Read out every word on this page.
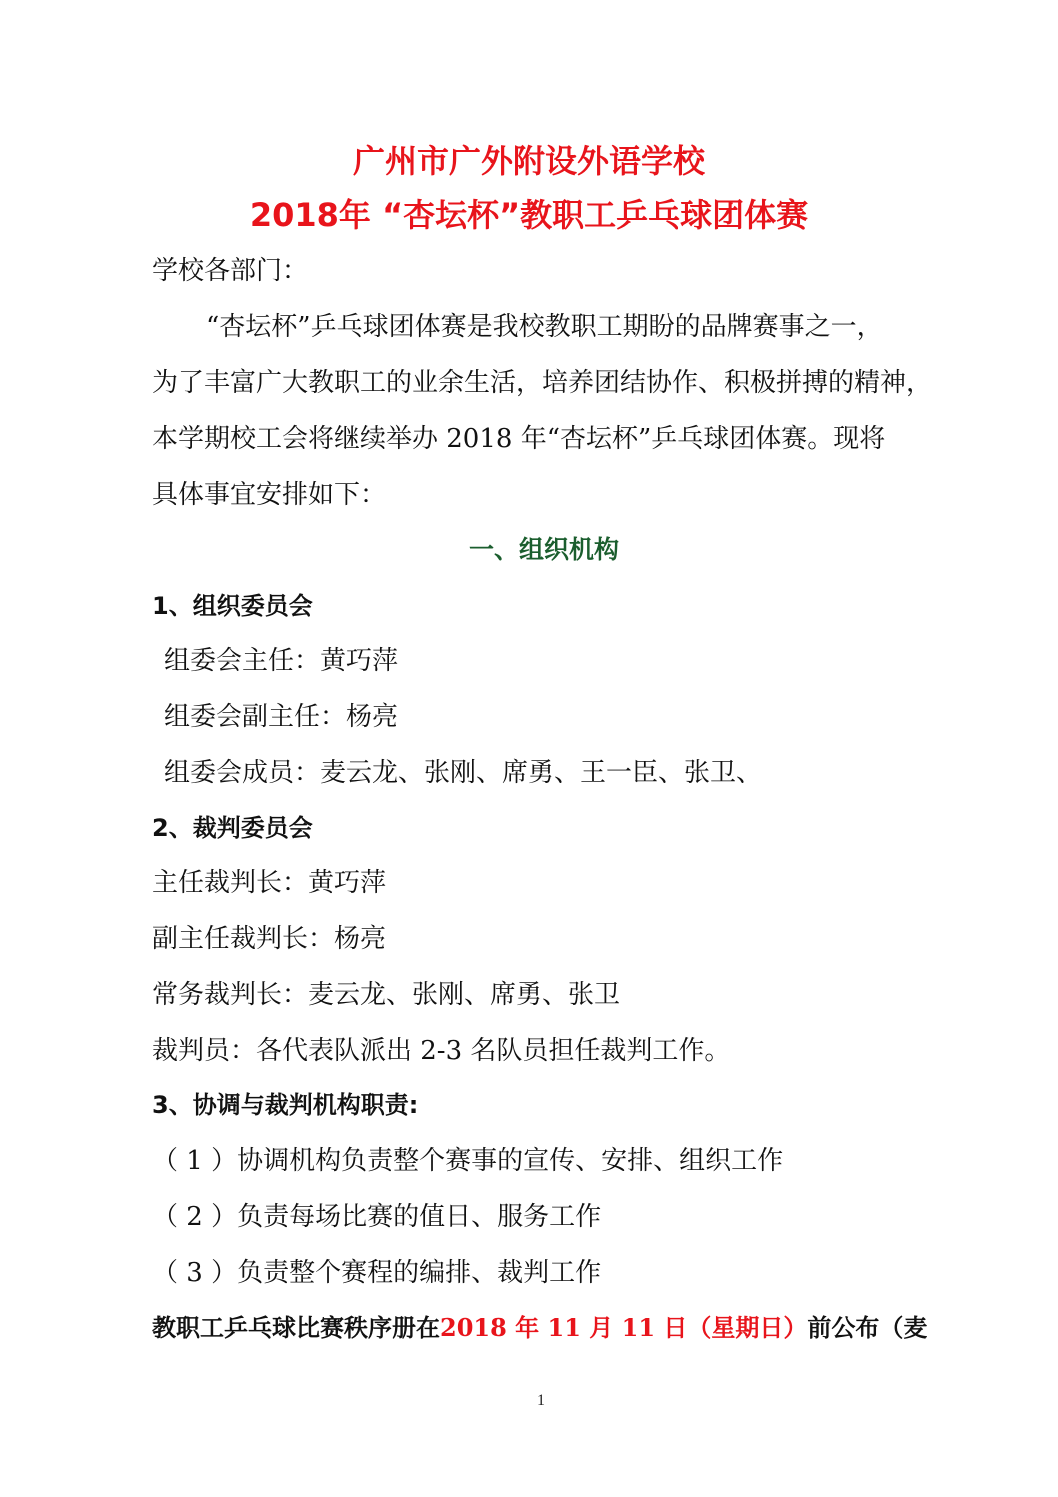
广州市广外附设外语学校
2018年 “杏坛杯”教职工乒乓球团体赛
学校各部门：
“杏坛杯”乒乓球团体赛是我校教职工期盼的品牌赛事之一，
为了丰富广大教职工的业余生活，培养团结协作、积极拼搏的精神，
本学期校工会将继续举办 2018 年“杏坛杯”乒乓球团体赛。现将
具体事宜安排如下：
一、组织机构
1、组织委员会
组委会主任：黄巧萍
组委会副主任：杨亮
组委会成员：麦云龙、张刚、席勇、王一臣、张卫、
2、裁判委员会
主任裁判长：黄巧萍
副主任裁判长：杨亮
常务裁判长：麦云龙、张刚、席勇、张卫
裁判员：各代表队派出 2-3 名队员担任裁判工作。
3、协调与裁判机构职责:
（ 1 ）协调机构负责整个赛事的宣传、安排、组织工作
（ 2 ）负责每场比赛的值日、服务工作
（ 3 ）负责整个赛程的编排、裁判工作
教职工乒乓球比赛秩序册在2018 年 11 月 11 日（星期日）前公布（麦
1
